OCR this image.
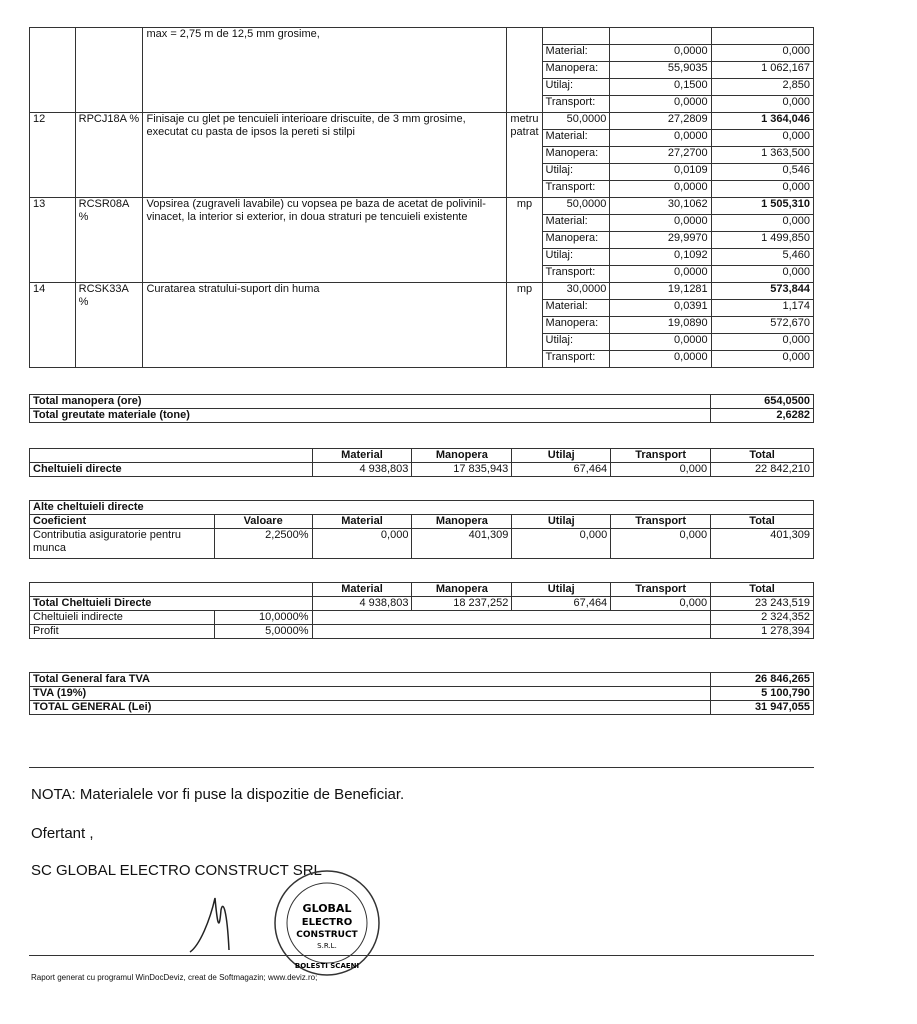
		max = 2,75 m de 12,5 mm grosime,				
				Material:	0,0000	0,000
				Manopera:	55,9035	1 062,167
				Utilaj:	0,1500	2,850
				Transport:	0,0000	0,000
12	RPCJ18A %	Finisaje cu glet pe tencuieli interioare driscuite, de 3 mm grosime, executat cu pasta de ipsos la pereti si stilpi	metru patrat	50,0000	27,2809	1 364,046
				Material:	0,0000	0,000
				Manopera:	27,2700	1 363,500
				Utilaj:	0,0109	0,546
				Transport:	0,0000	0,000
13	RCSR08A %	Vopsirea (zugraveli lavabile) cu vopsea pe baza de acetat de polivinil-vinacet, la interior si exterior, in doua straturi pe tencuieli existente	mp	50,0000	30,1062	1 505,310
				Material:	0,0000	0,000
				Manopera:	29,9970	1 499,850
				Utilaj:	0,1092	5,460
				Transport:	0,0000	0,000
14	RCSK33A %	Curatarea stratului-suport din huma	mp	30,0000	19,1281	573,844
				Material:	0,0391	1,174
				Manopera:	19,0890	572,670
				Utilaj:	0,0000	0,000
				Transport:	0,0000	0,000
Total manopera (ore)	654,0500
Total greutate materiale (tone)	2,6282
	Material	Manopera	Utilaj	Transport	Total
Cheltuieli directe	4 938,803	17 835,943	67,464	0,000	22 842,210
Alte cheltuieli directe						
Coeficient	Valoare	Material	Manopera	Utilaj	Transport	Total
Contributia asiguratorie pentru munca	2,2500%	0,000	401,309	0,000	0,000	401,309
		Material	Manopera	Utilaj	Transport	Total
Total Cheltuieli Directe		4 938,803	18 237,252	67,464	0,000	23 243,519
Cheltuieli indirecte	10,0000%					2 324,352
Profit	5,0000%					1 278,394
Total General fara TVA	26 846,265
TVA (19%)	5 100,790
TOTAL GENERAL (Lei)	31 947,055
NOTA: Materialele vor fi puse la dispozitie de Beneficiar.
Ofertant ,
SC GLOBAL ELECTRO CONSTRUCT SRL
GLOBAL
ELECTRO
CONSTRUCT
S.R.L.
BOLESTI SCAENI
Raport generat cu programul WinDocDeviz, creat de Softmagazin; www.deviz.ro;
